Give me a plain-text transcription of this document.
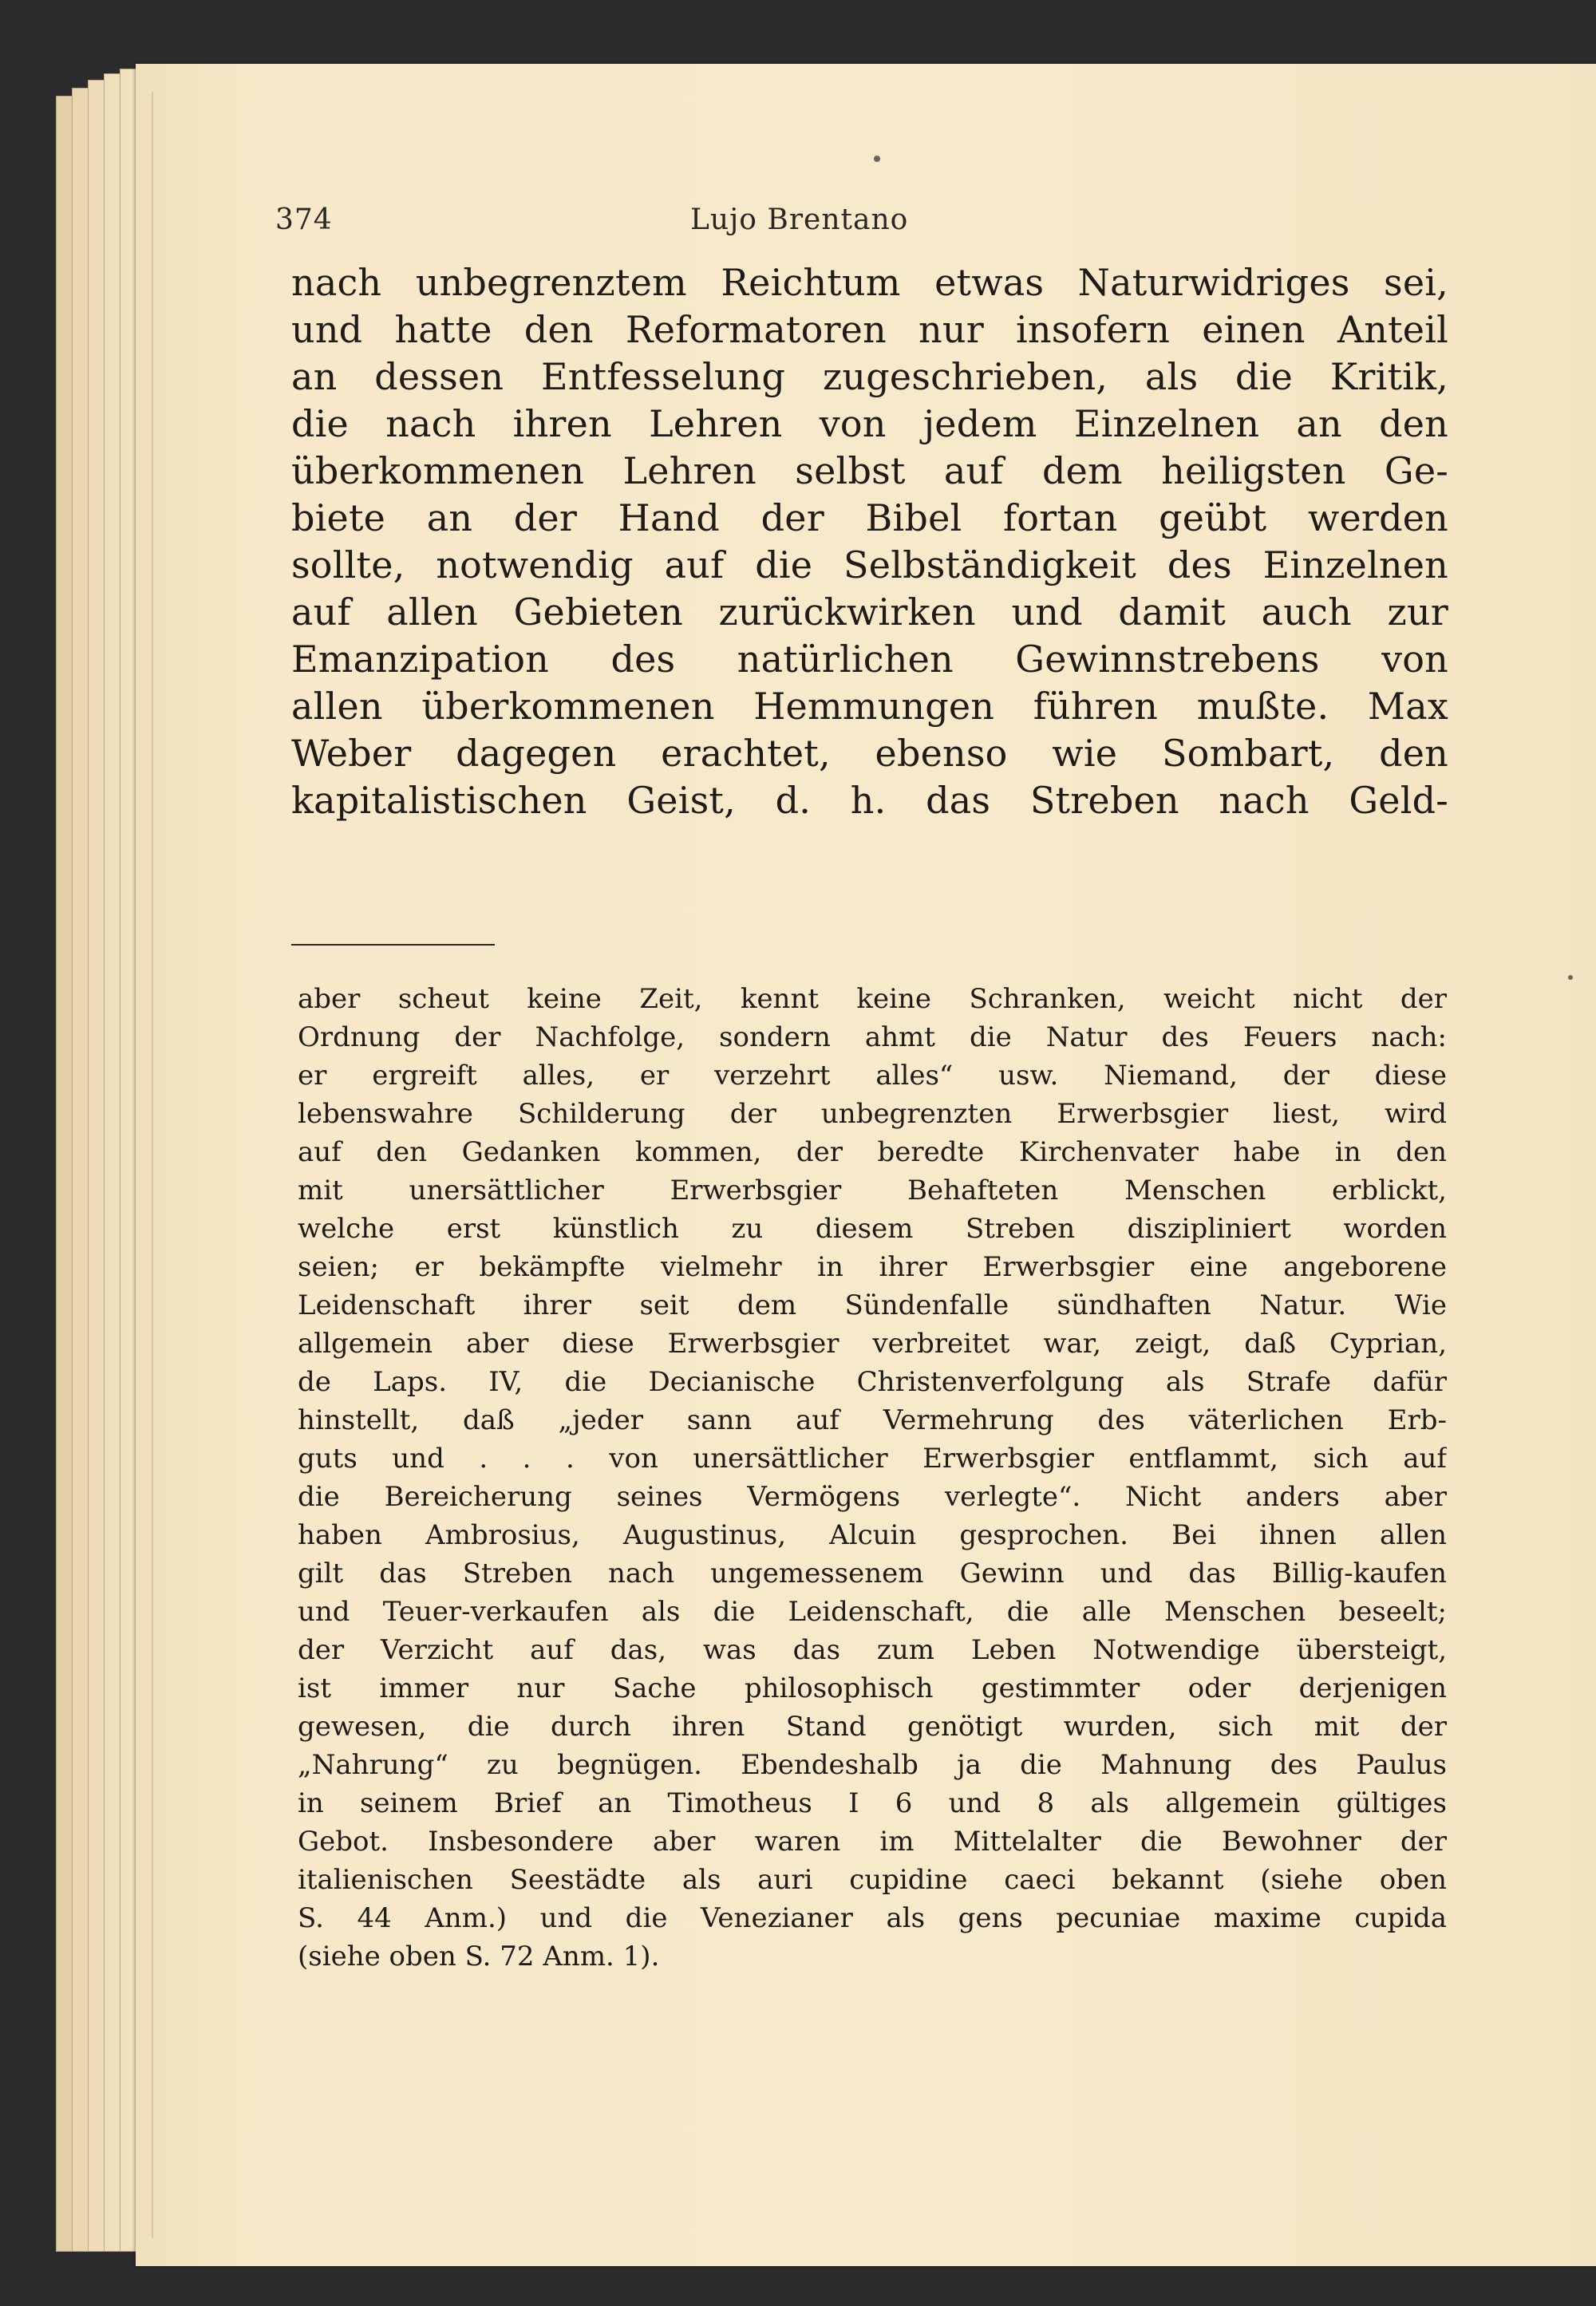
374	Lujo Brentano
nach unbegrenztem Reichtum etwas Naturwidriges sei,
und hatte den Reformatoren nur insofern einen Anteil
an dessen Entfesselung zugeschrieben, als die Kritik,
die nach ihren Lehren von jedem Einzelnen an den
überkommenen Lehren selbst auf dem heiligsten Ge-
biete an der Hand der Bibel fortan geübt werden
sollte, notwendig auf die Selbständigkeit des Einzelnen
auf allen Gebieten zurückwirken und damit auch zur
Emanzipation des natürlichen Gewinnstrebens von
allen überkommenen Hemmungen führen mußte. Max
Weber dagegen erachtet, ebenso wie Sombart, den
kapitalistischen Geist, d. h. das Streben nach Geld-
aber scheut keine Zeit, kennt keine Schranken, weicht nicht der
Ordnung der Nachfolge, sondern ahmt die Natur des Feuers nach:
er ergreift alles, er verzehrt alles“ usw. Niemand, der diese
lebenswahre Schilderung der unbegrenzten Erwerbsgier liest, wird
auf den Gedanken kommen, der beredte Kirchenvater habe in den
mit unersättlicher Erwerbsgier Behafteten Menschen erblickt,
welche erst künstlich zu diesem Streben diszipliniert worden
seien; er bekämpfte vielmehr in ihrer Erwerbsgier eine angeborene
Leidenschaft ihrer seit dem Sündenfalle sündhaften Natur. Wie
allgemein aber diese Erwerbsgier verbreitet war, zeigt, daß Cyprian,
de Laps. IV, die Decianische Christenverfolgung als Strafe dafür
hinstellt, daß „jeder sann auf Vermehrung des väterlichen Erb-
guts und . . . von unersättlicher Erwerbsgier entflammt, sich auf
die Bereicherung seines Vermögens verlegte“. Nicht anders aber
haben Ambrosius, Augustinus, Alcuin gesprochen. Bei ihnen allen
gilt das Streben nach ungemessenem Gewinn und das Billig-kaufen
und Teuer-verkaufen als die Leidenschaft, die alle Menschen beseelt;
der Verzicht auf das, was das zum Leben Notwendige übersteigt,
ist immer nur Sache philosophisch gestimmter oder derjenigen
gewesen, die durch ihren Stand genötigt wurden, sich mit der
„Nahrung“ zu begnügen. Ebendeshalb ja die Mahnung des Paulus
in seinem Brief an Timotheus I 6 und 8 als allgemein gültiges
Gebot. Insbesondere aber waren im Mittelalter die Bewohner der
italienischen Seestädte als auri cupidine caeci bekannt (siehe oben
S. 44 Anm.) und die Venezianer als gens pecuniae maxime cupida
(siehe oben S. 72 Anm. 1).
